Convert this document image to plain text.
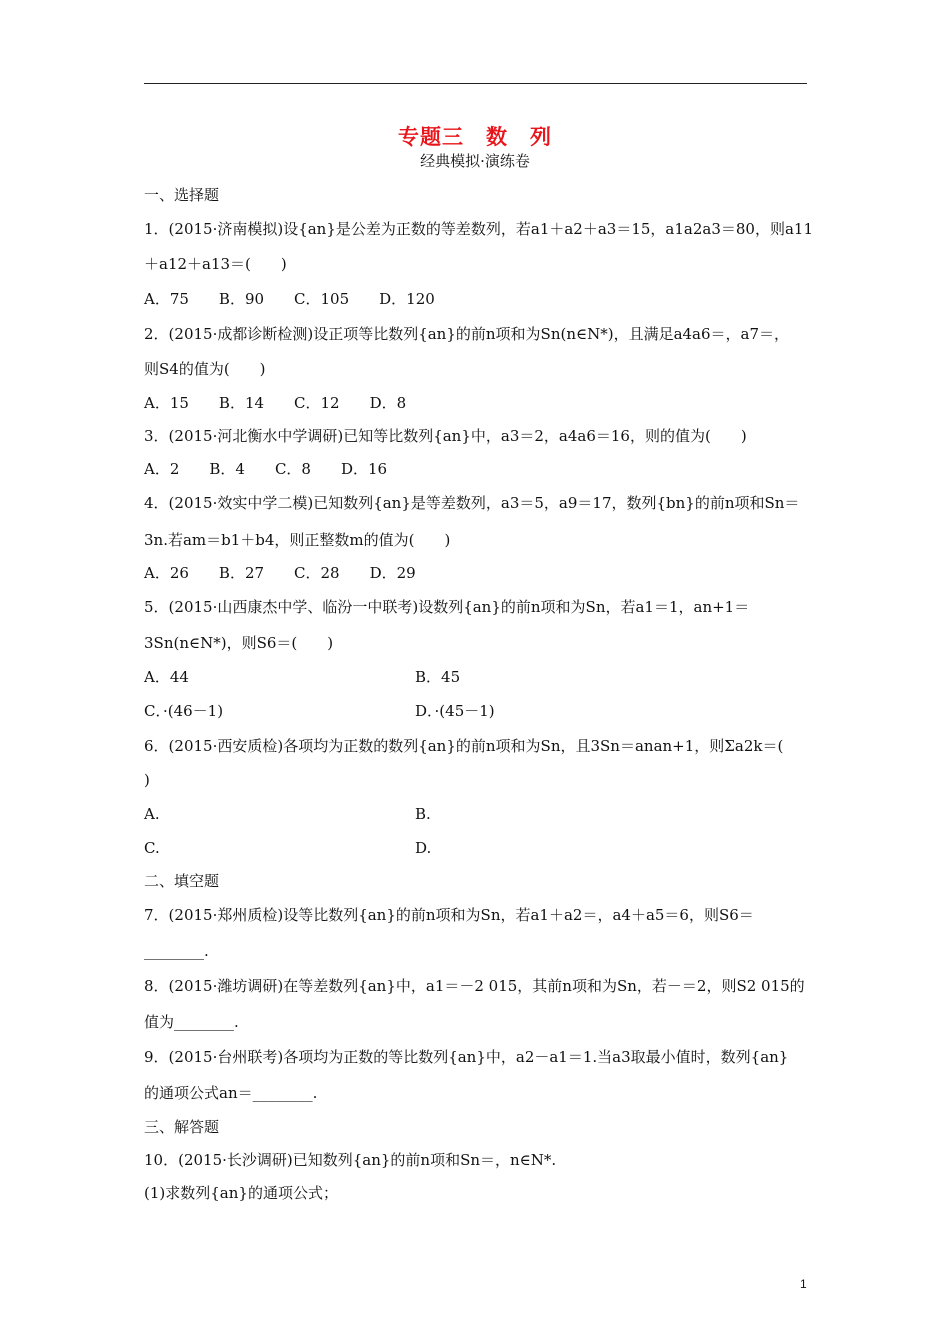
专题三　数　列
经典模拟·演练卷
一、选择题
1．(2015·济南模拟)设{an}是公差为正数的等差数列，若a1＋a2＋a3＝15，a1a2a3＝80，则a11
＋a12＋a13＝(　　)
A．75　　B．90　　C．105　　D．120
2．(2015·成都诊断检测)设正项等比数列{an}的前n项和为Sn(n∈N*)，且满足a4a6＝，a7＝，
则S4的值为(　　)
A．15　　B．14　　C．12　　D．8
3．(2015·河北衡水中学调研)已知等比数列{an}中，a3＝2，a4a6＝16，则的值为(　　)
A．2　　B．4　　C．8　　D．16
4．(2015·效实中学二模)已知数列{an}是等差数列，a3＝5，a9＝17，数列{bn}的前n项和Sn＝
3n.若am＝b1＋b4，则正整数m的值为(　　)
A．26　　B．27　　C．28　　D．29
5．(2015·山西康杰中学、临汾一中联考)设数列{an}的前n项和为Sn，若a1＝1，an+1＝
3Sn(n∈N*)，则S6＝(　　)
A．44	B．45
C．·(46－1)	D．·(45－1)
6．(2015·西安质检)各项均为正数的数列{an}的前n项和为Sn，且3Sn＝anan+1，则Σa2k＝(
)
A.	B.
C.	D.
二、填空题
7．(2015·郑州质检)设等比数列{an}的前n项和为Sn，若a1＋a2＝，a4＋a5＝6，则S6＝
________.
8．(2015·潍坊调研)在等差数列{an}中，a1＝－2 015，其前n项和为Sn，若－＝2，则S2 015的
值为________.
9．(2015·台州联考)各项均为正数的等比数列{an}中，a2－a1＝1.当a3取最小值时，数列{an}
的通项公式an＝________.
三、解答题
10．(2015·长沙调研)已知数列{an}的前n项和Sn＝，n∈N*.
(1)求数列{an}的通项公式；
1
